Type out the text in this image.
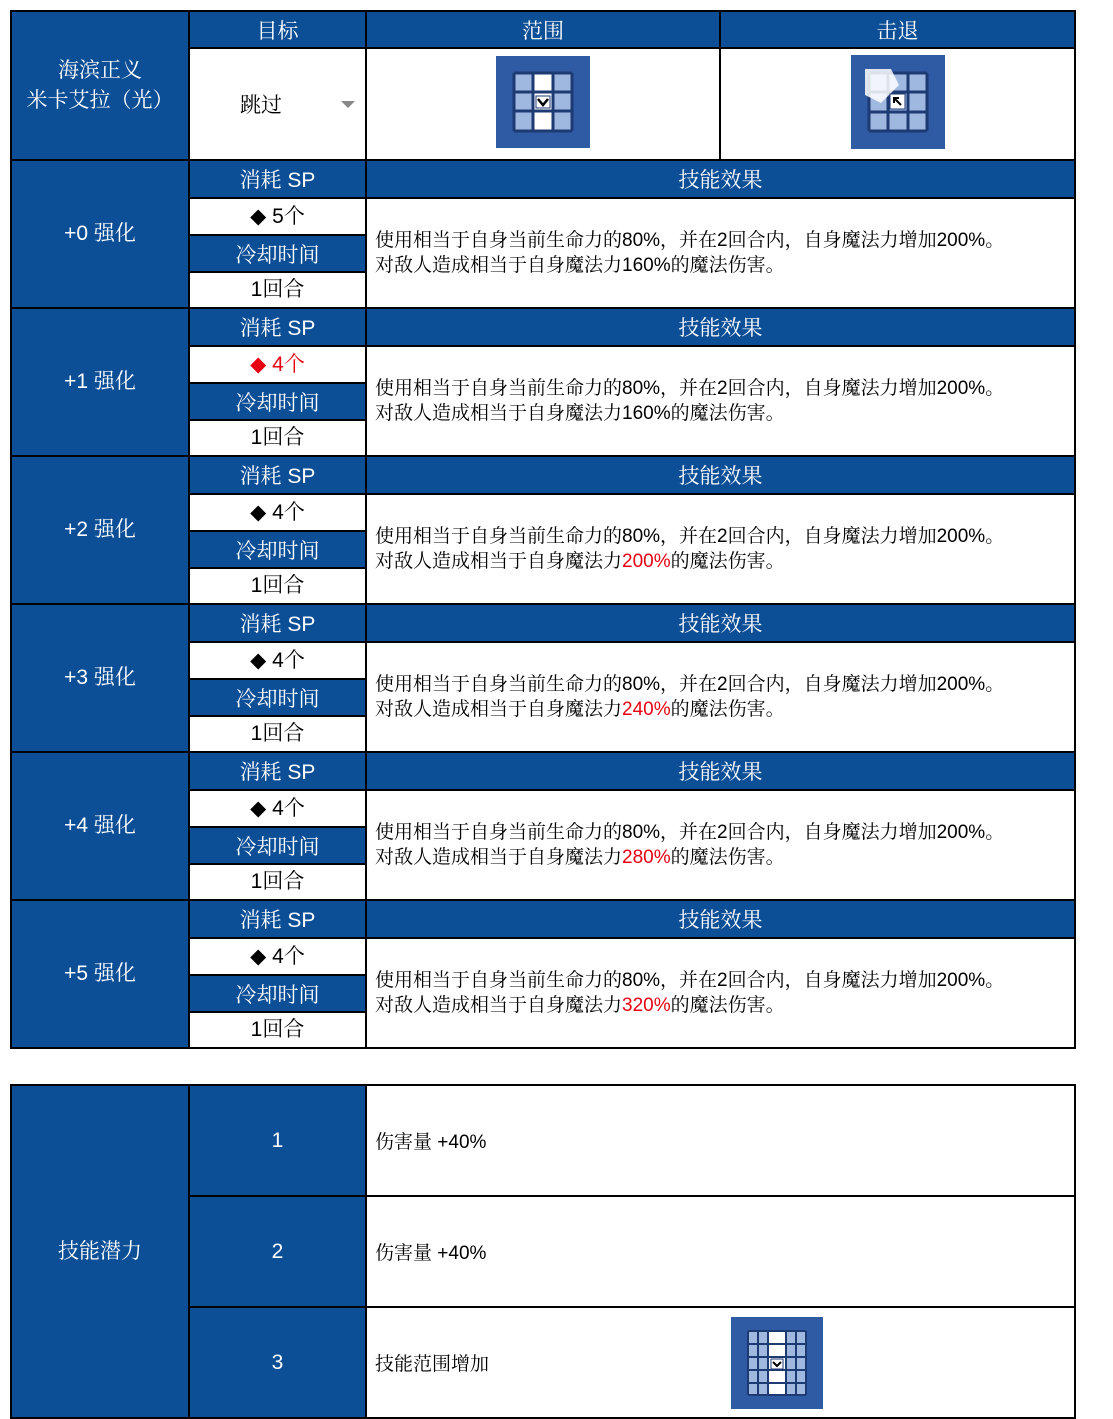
海滨正义
米卡艾拉（光）	目标	范围	击退

	跳过

+0 强化	消耗 SP	技能效果	
	◆ 5个	使用相当于自身当前生命力的80%，并在2回合内，自身魔法力增加200%。
对敌人造成相当于自身魔法力160%的魔法伤害。	

	冷却时间		
	1回合		
+1 强化	消耗 SP	技能效果	
	◆ 4个	使用相当于自身当前生命力的80%，并在2回合内，自身魔法力增加200%。
对敌人造成相当于自身魔法力160%的魔法伤害。	

	冷却时间		
	1回合		
+2 强化	消耗 SP	技能效果	
	◆ 4个	使用相当于自身当前生命力的80%，并在2回合内，自身魔法力增加200%。
对敌人造成相当于自身魔法力200%的魔法伤害。	

	冷却时间		
	1回合		
+3 强化	消耗 SP	技能效果	
	◆ 4个	使用相当于自身当前生命力的80%，并在2回合内，自身魔法力增加200%。
对敌人造成相当于自身魔法力240%的魔法伤害。	

	冷却时间		
	1回合		
+4 强化	消耗 SP	技能效果	
	◆ 4个	使用相当于自身当前生命力的80%，并在2回合内，自身魔法力增加200%。
对敌人造成相当于自身魔法力280%的魔法伤害。	

	冷却时间		
	1回合		
+5 强化	消耗 SP	技能效果	
	◆ 4个	使用相当于自身当前生命力的80%，并在2回合内，自身魔法力增加200%。
对敌人造成相当于自身魔法力320%的魔法伤害。	

	冷却时间		
	1回合		
技能潜力	1	伤害量 +40%
	2	伤害量 +40%
	3	技能范围增加
